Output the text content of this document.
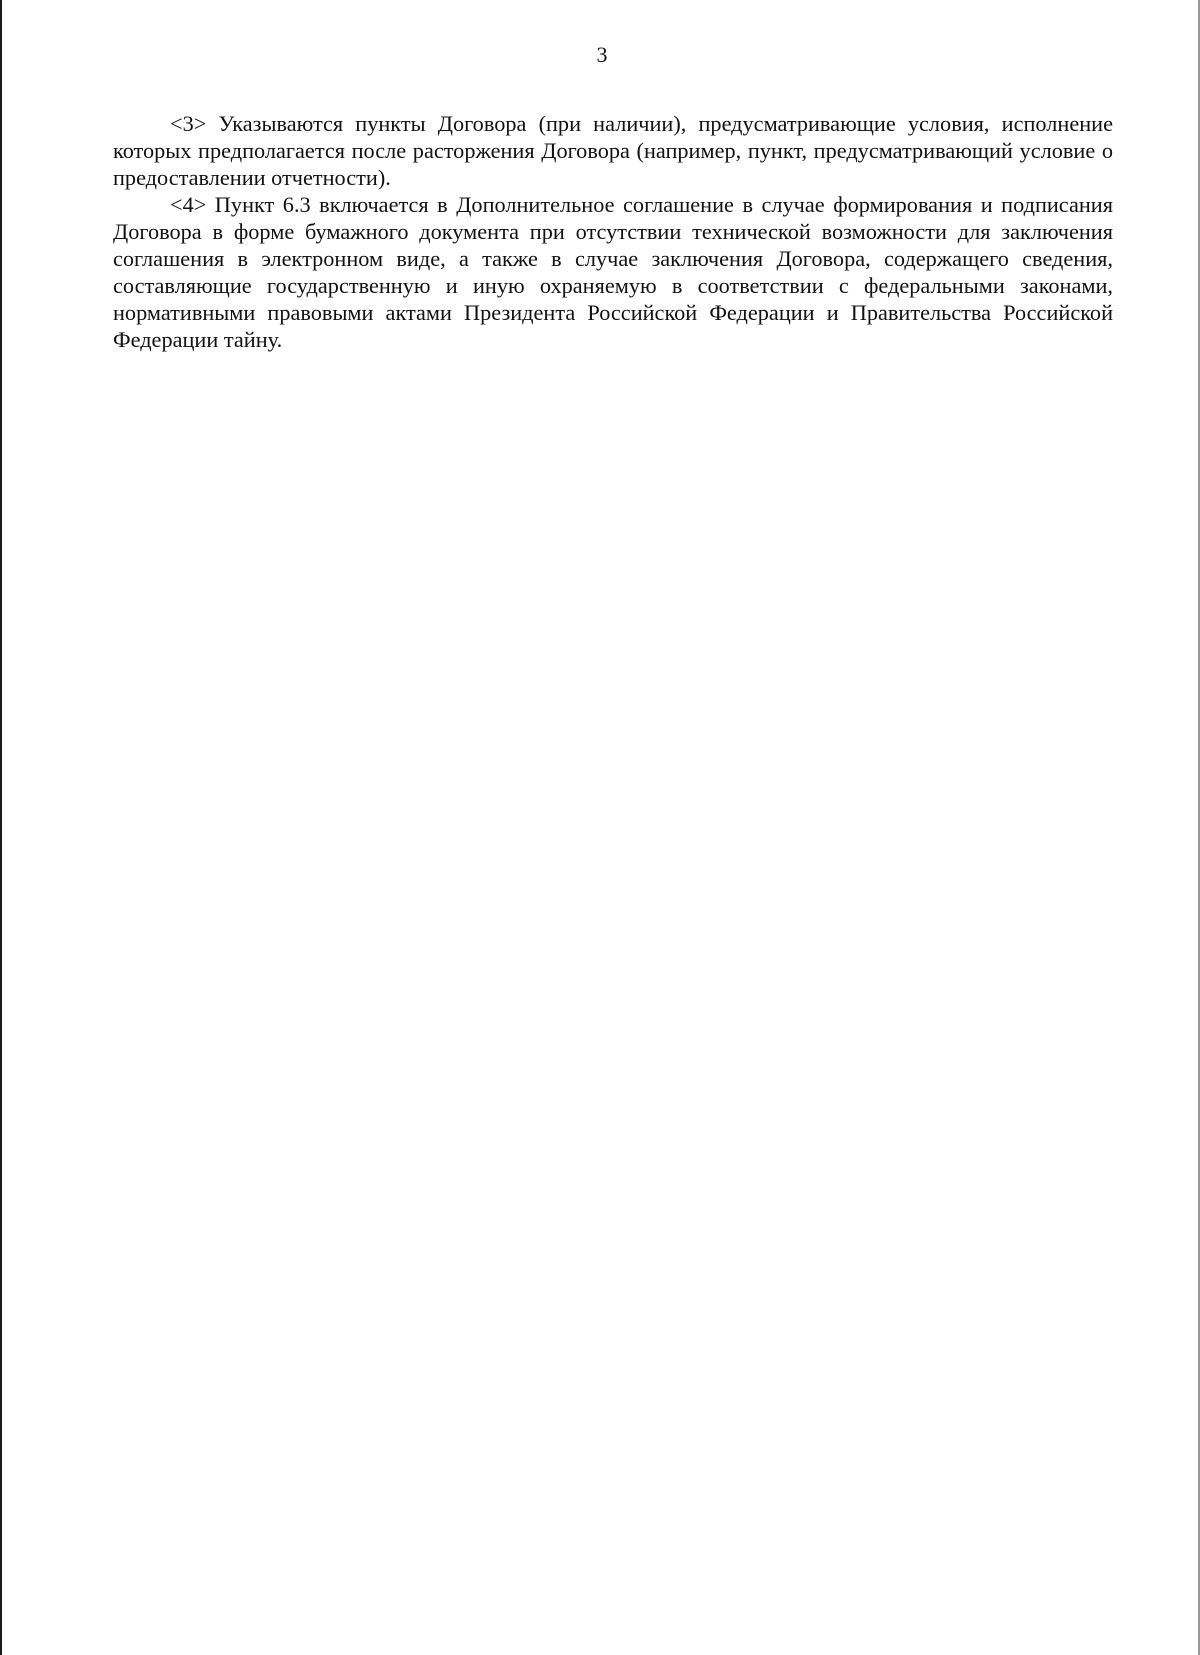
3

<3> Указываются пункты Договора (при наличии), предусматривающие условия, исполнение которых предполагается после расторжения Договора (например, пункт, предусматривающий условие о предоставлении отчетности).

<4> Пункт 6.3 включается в Дополнительное соглашение в случае формирования и подписания Договора в форме бумажного документа при отсутствии технической возможности для заключения соглашения в электронном виде, а также в случае заключения Договора, содержащего сведения, составляющие государственную и иную охраняемую в соответствии с федеральными законами, нормативными правовыми актами Президента Российской Федерации и Правительства Российской Федерации тайну.
